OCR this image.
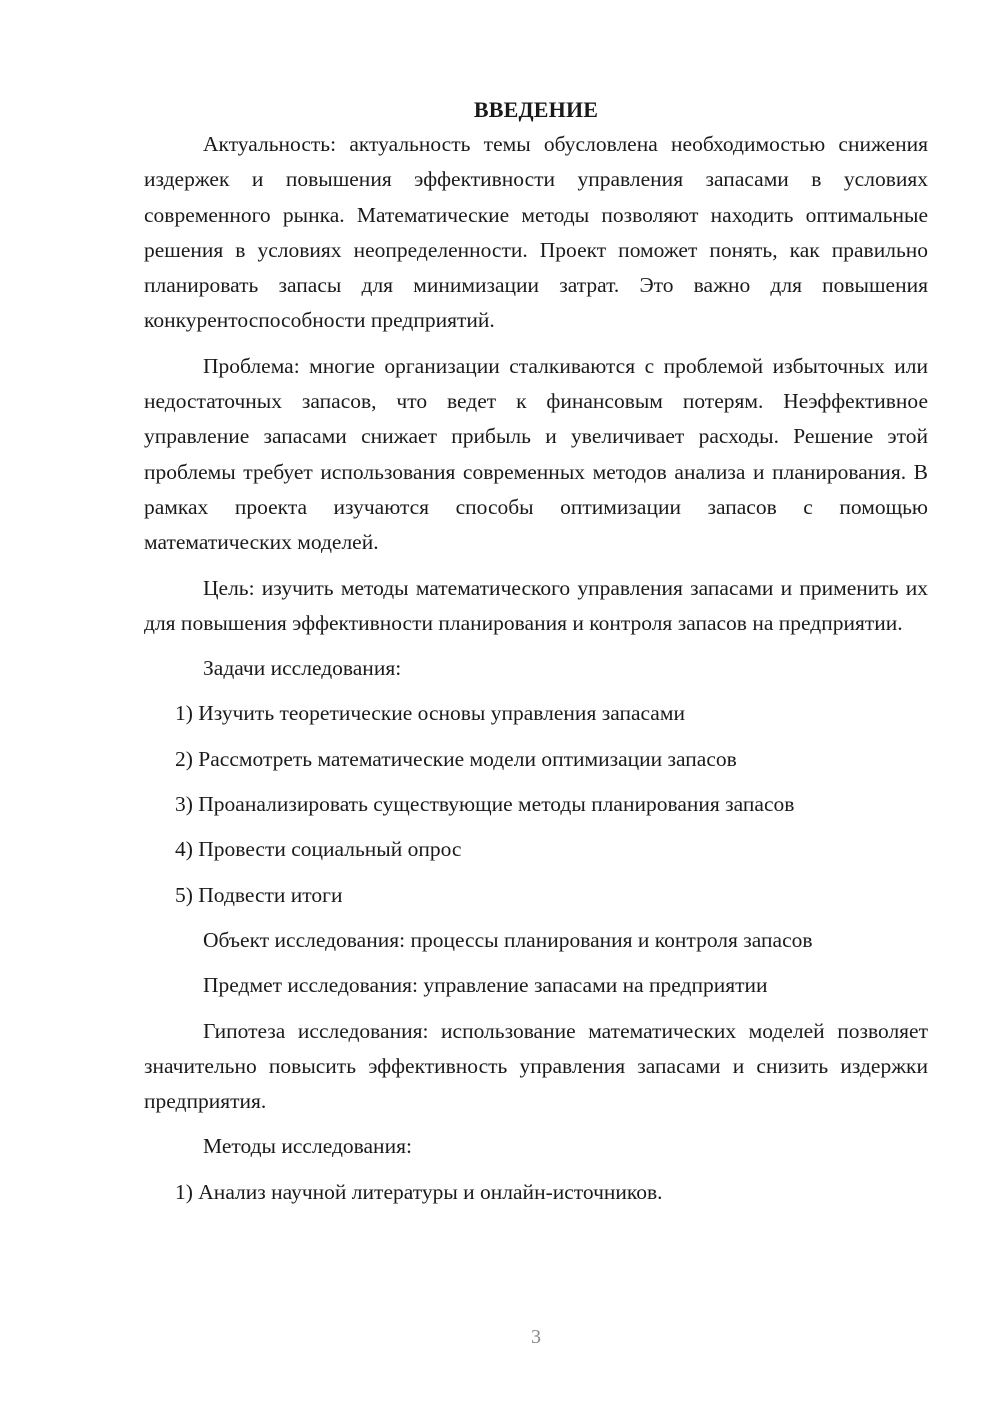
ВВЕДЕНИЕ

Актуальность: актуальность темы обусловлена необходимостью снижения издержек и повышения эффективности управления запасами в условиях современного рынка. Математические методы позволяют находить оптимальные решения в условиях неопределенности. Проект поможет понять, как правильно планировать запасы для минимизации затрат. Это важно для повышения конкурентоспособности предприятий.

Проблема: многие организации сталкиваются с проблемой избыточных или недостаточных запасов, что ведет к финансовым потерям. Неэффективное управление запасами снижает прибыль и увеличивает расходы. Решение этой проблемы требует использования современных методов анализа и планирования. В рамках проекта изучаются способы оптимизации запасов с помощью математических моделей.

Цель: изучить методы математического управления запасами и применить их для повышения эффективности планирования и контроля запасов на предприятии.

Задачи исследования:

1) Изучить теоретические основы управления запасами

2) Рассмотреть математические модели оптимизации запасов

3) Проанализировать существующие методы планирования запасов

4) Провести социальный опрос

5) Подвести итоги

Объект исследования: процессы планирования и контроля запасов

Предмет исследования: управление запасами на предприятии

Гипотеза исследования: использование математических моделей позволяет значительно повысить эффективность управления запасами и снизить издержки предприятия.

Методы исследования:

1) Анализ научной литературы и онлайн-источников.

3
